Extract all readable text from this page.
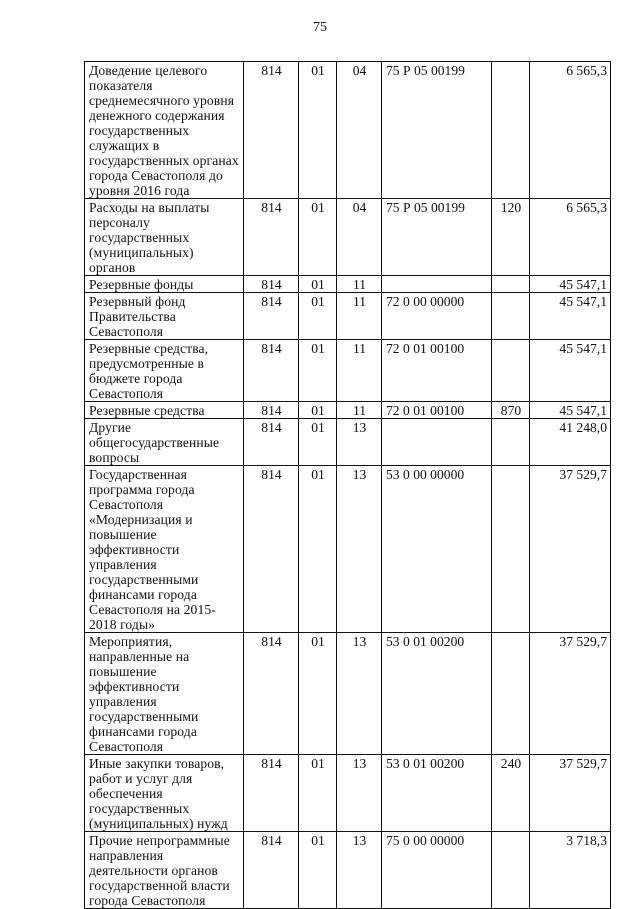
75
Доведение целевого показателя среднемесячного уровня денежного содержания государственных служащих в государственных органах города Севастополя до уровня 2016 года	814	01	04	75 Р 05 00199		6 565,3
Расходы на выплаты персоналу государственных (муниципальных) органов	814	01	04	75 Р 05 00199	120	6 565,3
Резервные фонды	814	01	11			45 547,1
Резервный фонд Правительства Севастополя	814	01	11	72 0 00 00000		45 547,1
Резервные средства, предусмотренные в бюджете города Севастополя	814	01	11	72 0 01 00100		45 547,1
Резервные средства	814	01	11	72 0 01 00100	870	45 547,1
Другие общегосударственные вопросы	814	01	13			41 248,0
Государственная программа города Севастополя «Модернизация и повышение эффективности управления государственными финансами города Севастополя на 2015-2018 годы»	814	01	13	53 0 00 00000		37 529,7
Мероприятия, направленные на повышение эффективности управления государственными финансами города Севастополя	814	01	13	53 0 01 00200		37 529,7
Иные закупки товаров, работ и услуг для обеспечения государственных (муниципальных) нужд	814	01	13	53 0 01 00200	240	37 529,7
Прочие непрограммные направления деятельности органов государственной власти города Севастополя	814	01	13	75 0 00 00000		3 718,3
